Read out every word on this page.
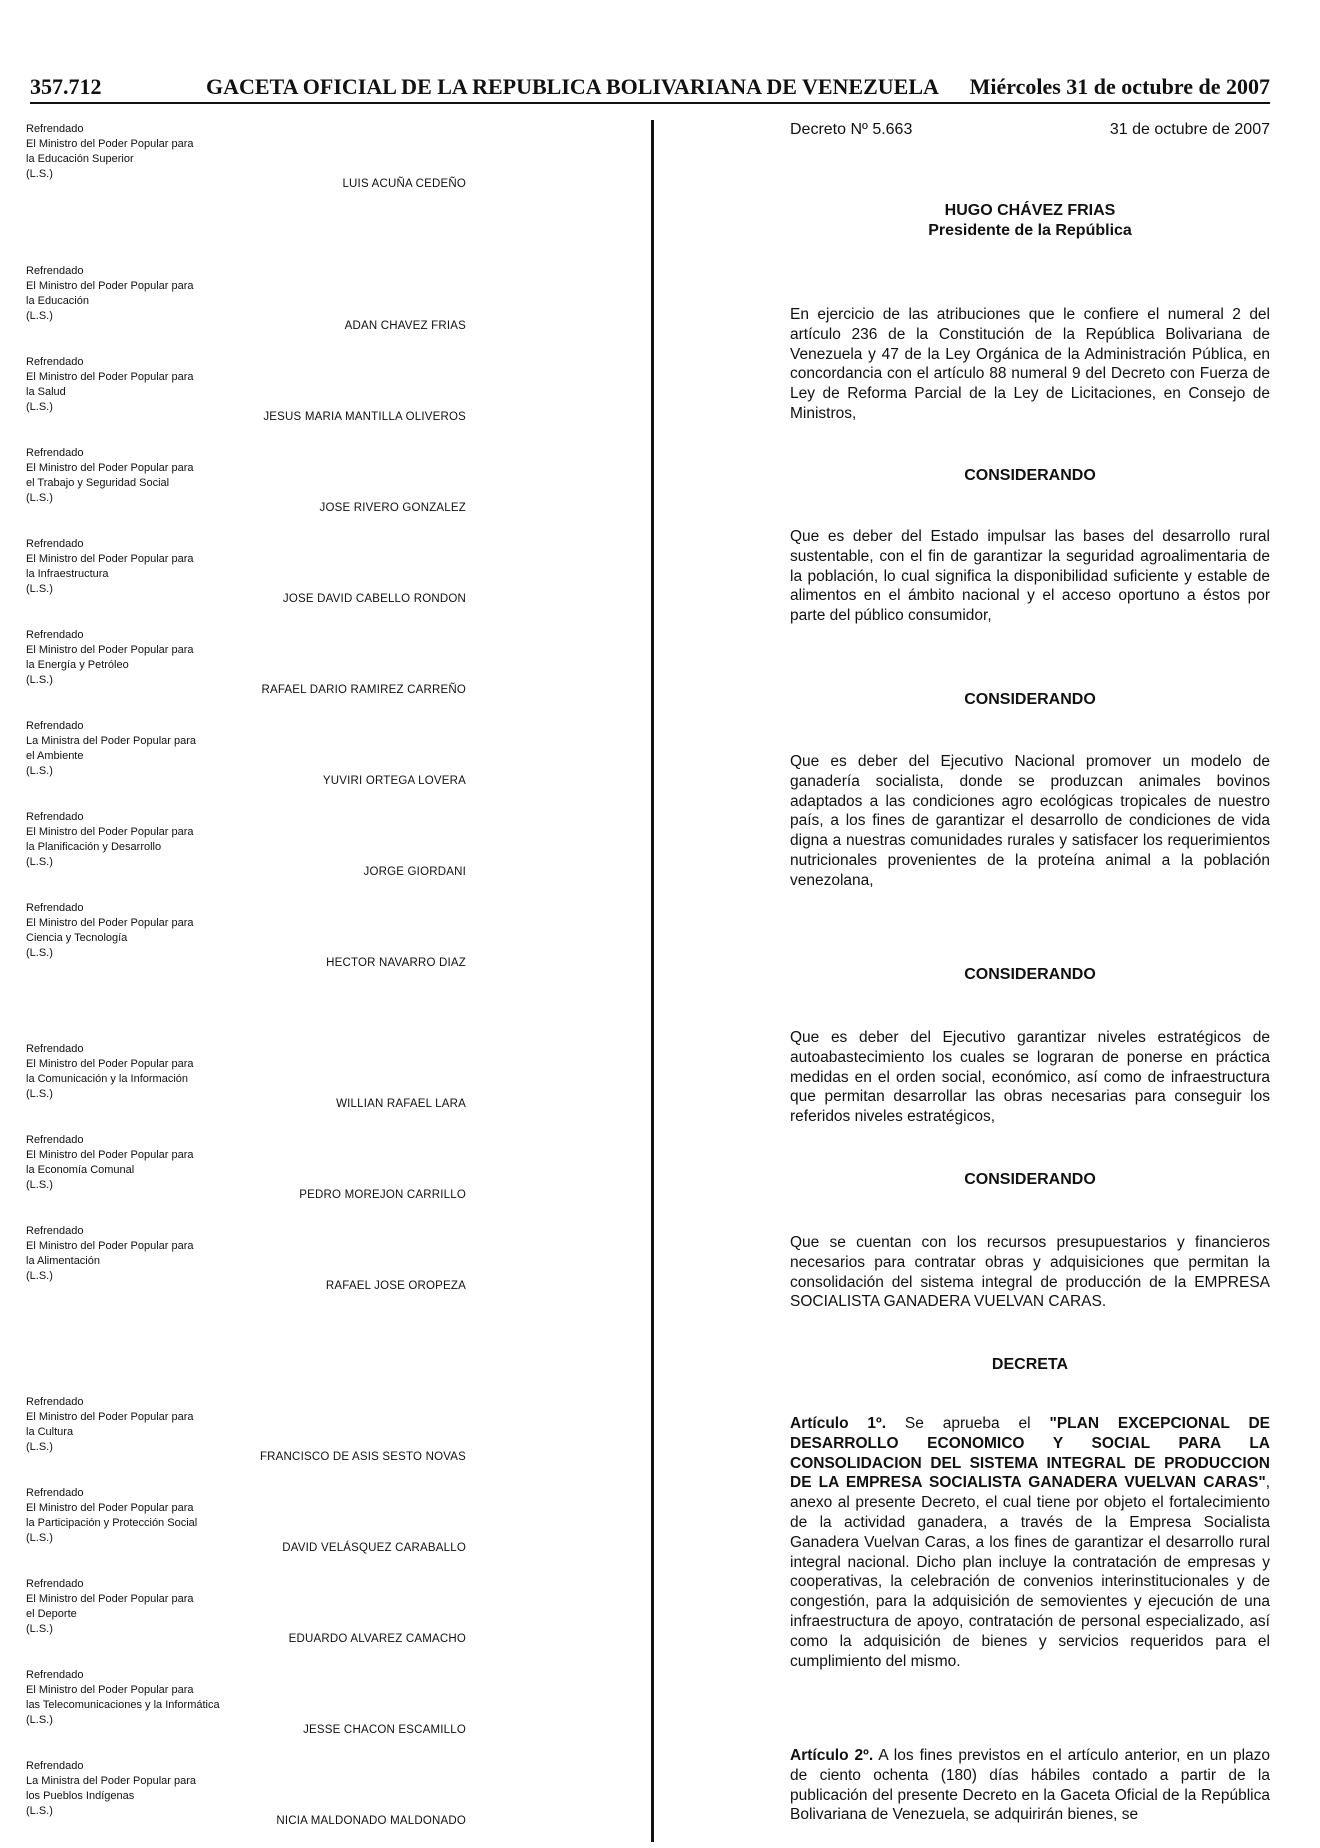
357.712	GACETA OFICIAL DE LA REPUBLICA BOLIVARIANA DE VENEZUELA Miércoles 31 de octubre de 2007
Refrendado
El Ministro del Poder Popular para
la Educación Superior
(L.S.)
LUIS ACUÑA CEDEÑO
Refrendado
El Ministro del Poder Popular para
la Educación
(L.S.)
ADAN CHAVEZ FRIAS
Refrendado
El Ministro del Poder Popular para
la Salud
(L.S.)
JESUS MARIA MANTILLA OLIVEROS
Refrendado
El Ministro del Poder Popular para
el Trabajo y Seguridad Social
(L.S.)
JOSE RIVERO GONZALEZ
Refrendado
El Ministro del Poder Popular para
la Infraestructura
(L.S.)
JOSE DAVID CABELLO RONDON
Refrendado
El Ministro del Poder Popular para
la Energía y Petróleo
(L.S.)
RAFAEL DARIO RAMIREZ CARREÑO
Refrendado
La Ministra del Poder Popular para
el Ambiente
(L.S.)
YUVIRI ORTEGA LOVERA
Refrendado
El Ministro del Poder Popular para
la Planificación y Desarrollo
(L.S.)
JORGE GIORDANI
Refrendado
El Ministro del Poder Popular para
Ciencia y Tecnología
(L.S.)
HECTOR NAVARRO DIAZ
Refrendado
El Ministro del Poder Popular para
la Comunicación y la Información
(L.S.)
WILLIAN RAFAEL LARA
Refrendado
El Ministro del Poder Popular para
la Economía Comunal
(L.S.)
PEDRO MOREJON CARRILLO
Refrendado
El Ministro del Poder Popular para
la Alimentación
(L.S.)
RAFAEL JOSE OROPEZA
Refrendado
El Ministro del Poder Popular para
la Cultura
(L.S.)
FRANCISCO DE ASIS SESTO NOVAS
Refrendado
El Ministro del Poder Popular para
la Participación y Protección Social
(L.S.)
DAVID VELÁSQUEZ CARABALLO
Refrendado
El Ministro del Poder Popular para
el Deporte
(L.S.)
EDUARDO ALVAREZ CAMACHO
Refrendado
El Ministro del Poder Popular para
las Telecomunicaciones y la Informática
(L.S.)
JESSE CHACON ESCAMILLO
Refrendado
La Ministra del Poder Popular para
los Pueblos Indígenas
(L.S.)
NICIA MALDONADO MALDONADO
Decreto Nº 5.663	31 de octubre de 2007
HUGO CHÁVEZ FRIAS
Presidente de la República
En ejercicio de las atribuciones que le confiere el numeral 2 del artículo 236 de la Constitución de la República Bolivariana de Venezuela y 47 de la Ley Orgánica de la Administración Pública, en concordancia con el artículo 88 numeral 9 del Decreto con Fuerza de Ley de Reforma Parcial de la Ley de Licitaciones, en Consejo de Ministros,
CONSIDERANDO
Que es deber del Estado impulsar las bases del desarrollo rural sustentable, con el fin de garantizar la seguridad agroalimentaria de la población, lo cual significa la disponibilidad suficiente y estable de alimentos en el ámbito nacional y el acceso oportuno a éstos por parte del público consumidor,
CONSIDERANDO
Que es deber del Ejecutivo Nacional promover un modelo de ganadería socialista, donde se produzcan animales bovinos adaptados a las condiciones agro ecológicas tropicales de nuestro país, a los fines de garantizar el desarrollo de condiciones de vida digna a nuestras comunidades rurales y satisfacer los requerimientos nutricionales provenientes de la proteína animal a la población venezolana,
CONSIDERANDO
Que es deber del Ejecutivo garantizar niveles estratégicos de autoabastecimiento los cuales se lograran de ponerse en práctica medidas en el orden social, económico, así como de infraestructura que permitan desarrollar las obras necesarias para conseguir los referidos niveles estratégicos,
CONSIDERANDO
Que se cuentan con los recursos presupuestarios y financieros necesarios para contratar obras y adquisiciones que permitan la consolidación del sistema integral de producción de la EMPRESA SOCIALISTA GANADERA VUELVAN CARAS.
DECRETA
Artículo 1º. Se aprueba el "PLAN EXCEPCIONAL DE DESARROLLO ECONOMICO Y SOCIAL PARA LA CONSOLIDACION DEL SISTEMA INTEGRAL DE PRODUCCION DE LA EMPRESA SOCIALISTA GANADERA VUELVAN CARAS", anexo al presente Decreto, el cual tiene por objeto el fortalecimiento de la actividad ganadera, a través de la Empresa Socialista Ganadera Vuelvan Caras, a los fines de garantizar el desarrollo rural integral nacional. Dicho plan incluye la contratación de empresas y cooperativas, la celebración de convenios interinstitucionales y de congestión, para la adquisición de semovientes y ejecución de una infraestructura de apoyo, contratación de personal especializado, así como la adquisición de bienes y servicios requeridos para el cumplimiento del mismo.
Artículo 2º. A los fines previstos en el artículo anterior, en un plazo de ciento ochenta (180) días hábiles contado a partir de la publicación del presente Decreto en la Gaceta Oficial de la República Bolivariana de Venezuela, se adquirirán bienes, se
